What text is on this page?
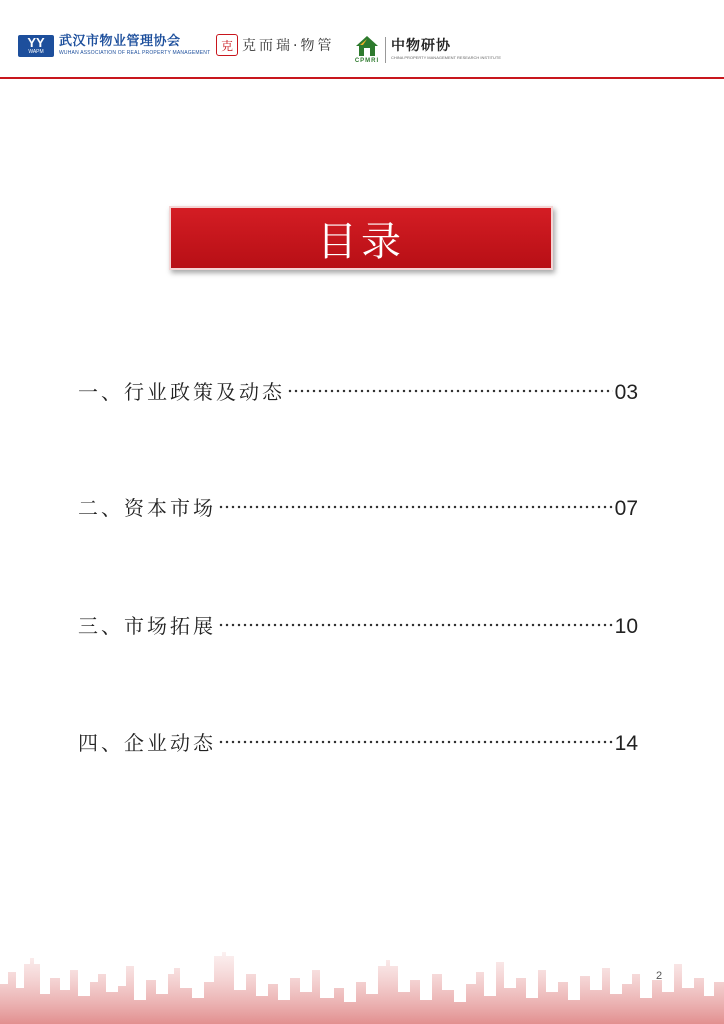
YY
WAPM
武汉市物业管理协会
WUHAN ASSOCIATION OF REAL PROPERTY MANAGEMENT
克 克而瑞·物管
CPMRI
中物研协
CHINA PROPERTY MANAGEMENT RESEARCH INSTITUTE
目录
一、行业政策及动态	03
二、资本市场	07
三、市场拓展	10
四、企业动态	14
2
